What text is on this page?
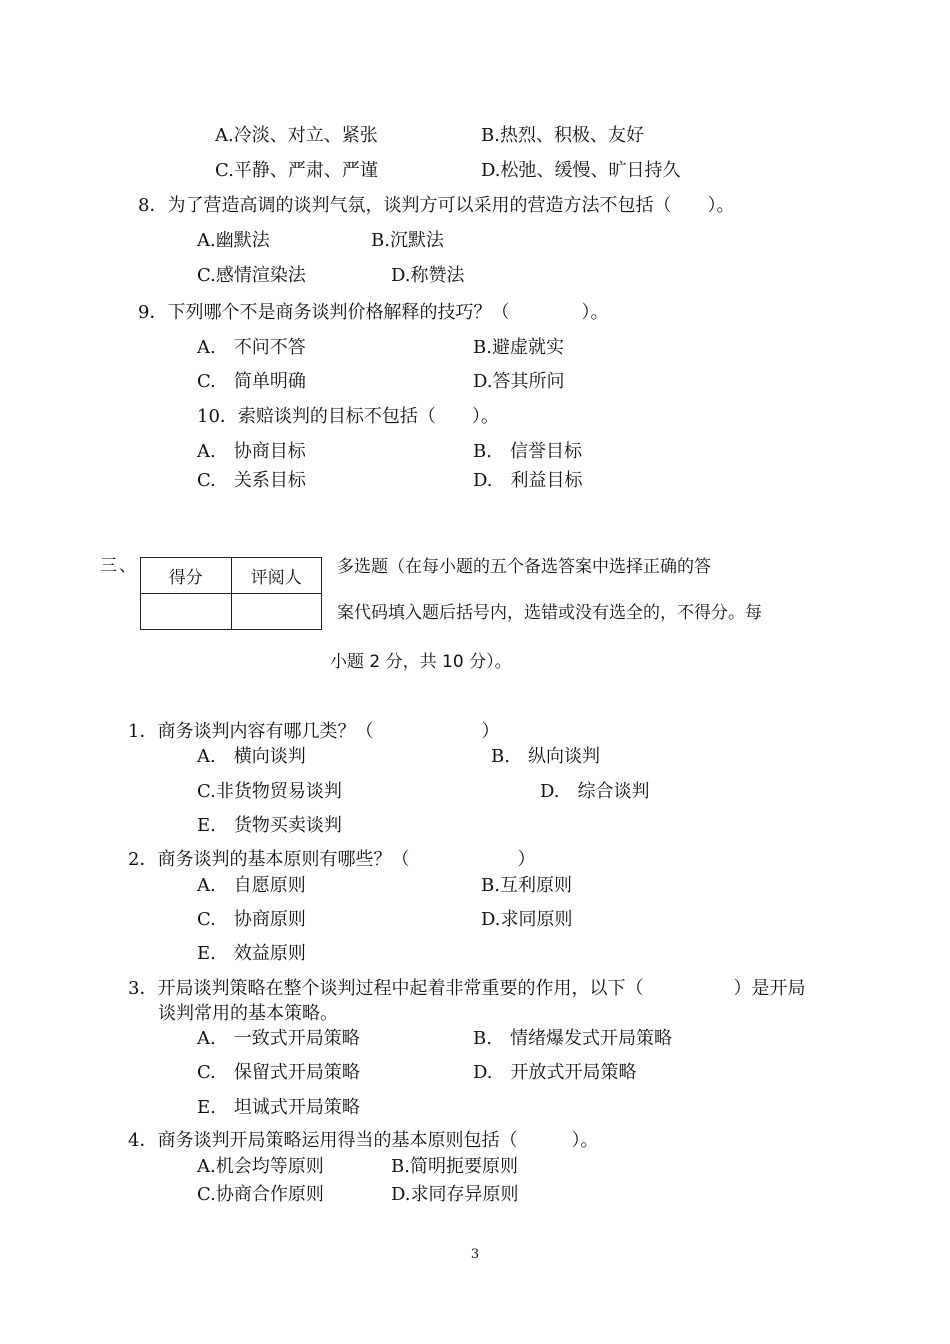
A.冷淡、对立、紧张	B.热烈、积极、友好
C.平静、严肃、严谨	D.松弛、缓慢、旷日持久
8．为了营造高调的谈判气氛，谈判方可以采用的营造方法不包括（　　）。
A.幽默法	B.沉默法
C.感情渲染法	D.称赞法
9．下列哪个不是商务谈判价格解释的技巧？（　　　　）。
A.　不问不答	B.避虚就实
C.　简单明确	D.答其所问
10．索赔谈判的目标不包括（　　）。
A.　协商目标	B.　信誉目标
C.　关系目标	D.　利益目标
三、
得分	评阅人

多选题（在每小题的五个备选答案中选择正确的答
案代码填入题后括号内，选错或没有选全的，不得分。每
小题 2 分，共 10 分）。
1．商务谈判内容有哪几类？（　　　　　　）
A.　横向谈判	B.　纵向谈判
C.非货物贸易谈判	D.　综合谈判
E.　货物买卖谈判
2．商务谈判的基本原则有哪些？（　　　　　　）
A.　自愿原则	B.互利原则
C.　协商原则	D.求同原则
E.　效益原则
3．开局谈判策略在整个谈判过程中起着非常重要的作用，以下（　　　　　）是开局
谈判常用的基本策略。
A.　一致式开局策略	B.　情绪爆发式开局策略
C.　保留式开局策略	D.　开放式开局策略
E.　坦诚式开局策略
4．商务谈判开局策略运用得当的基本原则包括（　　　）。
A.机会均等原则	B.简明扼要原则
C.协商合作原则	D.求同存异原则
3
